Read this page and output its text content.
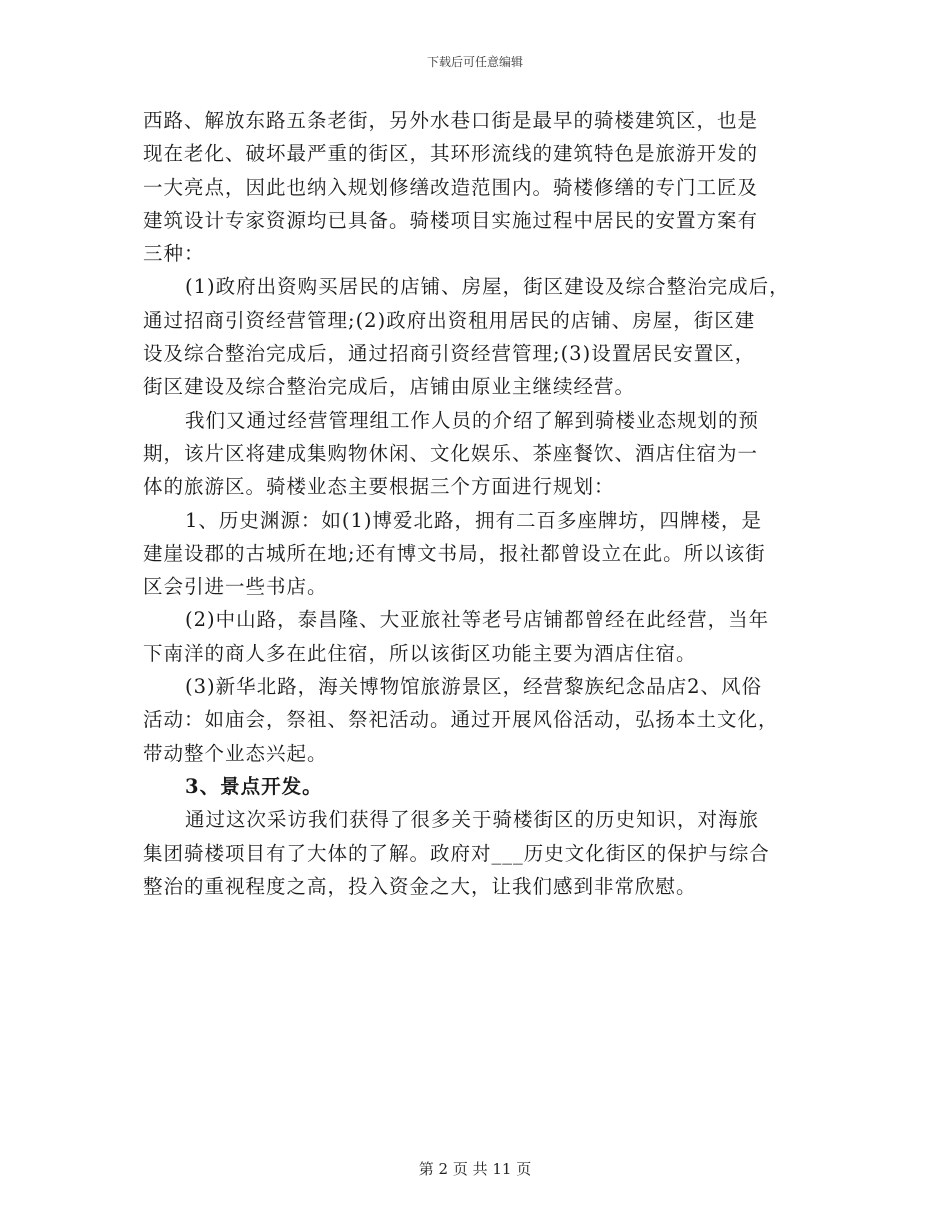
下载后可任意编辑
西路、解放东路五条老街，另外水巷口街是最早的骑楼建筑区，也是
现在老化、破坏最严重的街区，其环形流线的建筑特色是旅游开发的
一大亮点，因此也纳入规划修缮改造范围内。骑楼修缮的专门工匠及
建筑设计专家资源均已具备。骑楼项目实施过程中居民的安置方案有
三种：
(1)政府出资购买居民的店铺、房屋，街区建设及综合整治完成后，
通过招商引资经营管理;(2)政府出资租用居民的店铺、房屋，街区建
设及综合整治完成后，通过招商引资经营管理;(3)设置居民安置区，
街区建设及综合整治完成后，店铺由原业主继续经营。
我们又通过经营管理组工作人员的介绍了解到骑楼业态规划的预
期，该片区将建成集购物休闲、文化娱乐、茶座餐饮、酒店住宿为一
体的旅游区。骑楼业态主要根据三个方面进行规划：
1、历史渊源：如(1)博爱北路，拥有二百多座牌坊，四牌楼，是
建崖设郡的古城所在地;还有博文书局，报社都曾设立在此。所以该街
区会引进一些书店。
(2)中山路，泰昌隆、大亚旅社等老号店铺都曾经在此经营，当年
下南洋的商人多在此住宿，所以该街区功能主要为酒店住宿。
(3)新华北路，海关博物馆旅游景区，经营黎族纪念品店2、风俗
活动：如庙会，祭祖、祭祀活动。通过开展风俗活动，弘扬本土文化，
带动整个业态兴起。
3、景点开发。
通过这次采访我们获得了很多关于骑楼街区的历史知识，对海旅
集团骑楼项目有了大体的了解。政府对___历史文化街区的保护与综合
整治的重视程度之高，投入资金之大，让我们感到非常欣慰。
第 2 页 共 11 页
